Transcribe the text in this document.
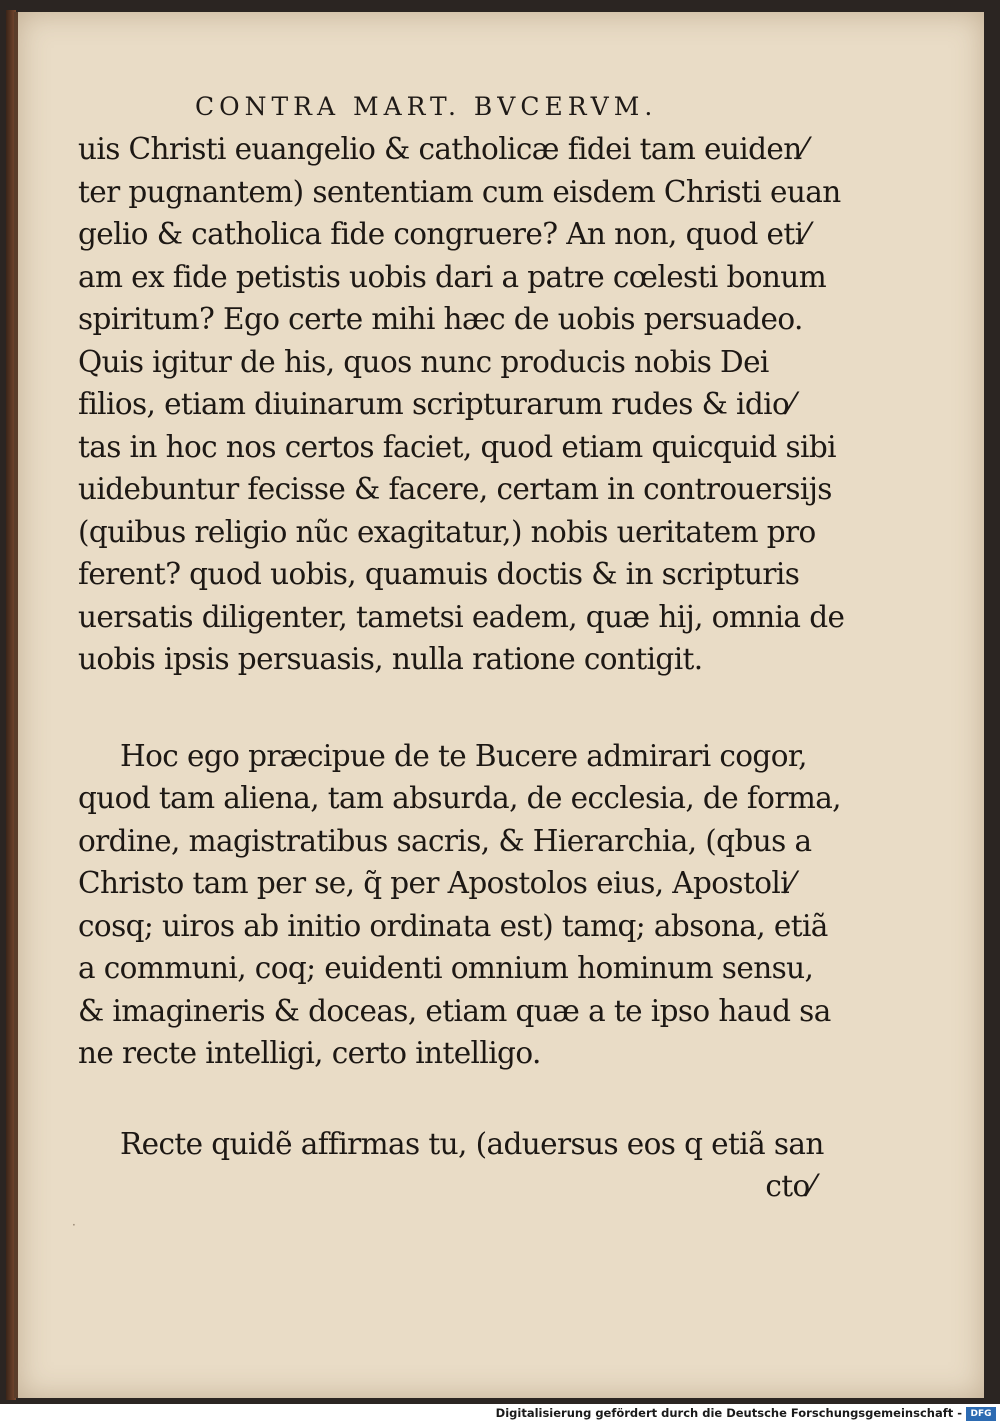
CONTRA MART. BVCERVM.
uis Christi euangelio & catholicæ fidei tam euiden⁄
ter pugnantem) sententiam cum eisdem Christi euan
gelio & catholica fide congruere? An non, quod eti⁄
am ex fide petistis uobis dari a patre cœlesti bonum
spiritum? Ego certe mihi hæc de uobis persuadeo.
Quis igitur de his, quos nunc producis nobis Dei
filios, etiam diuinarum scripturarum rudes & idio⁄
tas in hoc nos certos faciet, quod etiam quicquid sibi
uidebuntur fecisse & facere, certam in controuersijs
(quibus religio nũc exagitatur,) nobis ueritatem pro
ferent? quod uobis, quamuis doctis & in scripturis
uersatis diligenter, tametsi eadem, quæ hij, omnia de
uobis ipsis persuasis, nulla ratione contigit.
Hoc ego præcipue de te Bucere admirari cogor,
quod tam aliena, tam absurda, de ecclesia, de forma,
ordine, magistratibus sacris, & Hierarchia, (qbus a
Christo tam per se, q̃ per Apostolos eius, Apostoli⁄
cosq; uiros ab initio ordinata est) tamq; absona, etiã
a communi, coq; euidenti omnium hominum sensu,
& imagineris & doceas, etiam quæ a te ipso haud sa
ne recte intelligi, certo intelligo.
Recte quidẽ affirmas tu, (aduersus eos q etiã san
cto⁄
·
Digitalisierung gefördert durch die Deutsche Forschungsgemeinschaft - DFG
